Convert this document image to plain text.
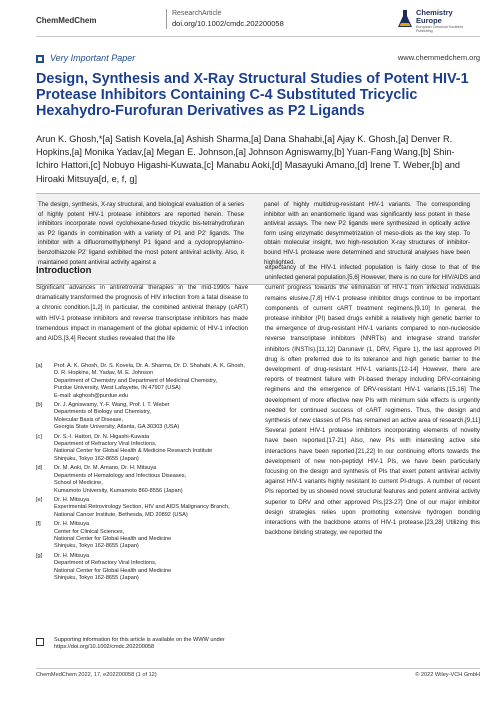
ChemMedChem
ResearchArticle
doi.org/10.1002/cmdc.202200058
Chemistry
Europe
European Chemical Societies Publishing
Very Important Paper	www.chemmedchem.org
Design, Synthesis and X-Ray Structural Studies of Potent HIV-1 Protease Inhibitors Containing C-4 Substituted Tricyclic Hexahydro-Furofuran Derivatives as P2 Ligands
Arun K. Ghosh,*[a] Satish Kovela,[a] Ashish Sharma,[a] Dana Shahabi,[a] Ajay K. Ghosh,[a] Denver R. Hopkins,[a] Monika Yadav,[a] Megan E. Johnson,[a] Johnson Agniswamy,[b] Yuan-Fang Wang,[b] Shin-Ichiro Hattori,[c] Nobuyo Higashi-Kuwata,[c] Manabu Aoki,[d] Masayuki Amano,[d] Irene T. Weber,[b] and Hiroaki Mitsuya[d, e, f, g]
The design, synthesis, X-ray structural, and biological evaluation of a series of highly potent HIV-1 protease inhibitors are reported herein. These inhibitors incorporate novel cyclohexane-fused tricyclic bis-tetrahydrofuran as P2 ligands in combination with a variety of P1 and P2' ligands. The inhibitor with a difluoromethylphenyl P1 ligand and a cyclopropylamino-benzothiazole P2' ligand exhibited the most potent antiviral activity. Also, it maintained potent antiviral activity against a
panel of highly multidrug-resistant HIV-1 variants. The corresponding inhibitor with an enantiomeric ligand was significantly less potent in these antiviral assays. The new P2 ligands were synthesized in optically active form using enzymatic desymmetrization of meso-diols as the key step. To obtain molecular insight, two high-resolution X-ray structures of inhibitor-bound HIV-1 protease were determined and structural analyses have been highlighted.
Introduction
Significant advances in antiretroviral therapies in the mid-1990s have dramatically transformed the prognosis of HIV infection from a fatal disease to a chronic condition.[1,2] In particular, the combined antiviral therapy (cART) with HIV-1 protease inhibitors and reverse transcriptase inhibitors has made tremendous impact in management of the global epidemic of HIV-1 infection and AIDS.[3,4] Recent studies revealed that the life
expectancy of the HIV-1 infected population is fairly close to that of the uninfected general population.[5,6] However, there is no cure for HIV/AIDS and current progress towards the elimination of HIV-1 from infected individuals remains elusive.[7,8] HIV-1 protease inhibitor drugs continue to be important components of current cART treatment regimens.[9,10] In general, the protease inhibitor (PI) based drugs exhibit a relatively high genetic barrier to the emergence of drug-resistant HIV-1 variants compared to non-nucleoside reverse transcriptase inhibitors (NNRTIs) and integrase strand transfer inhibitors (INSTIs).[11,12] Darunavir (1, DRV, Figure 1), the last approved PI drug is often preferred due to its tolerance and high genetic barrier to the development of drug-resistant HIV-1 variants.[12-14] However, there are reports of treatment failure with PI-based therapy including DRV-containing regimens and the emergence of DRV-resistant HIV-1 variants.[15,16] The development of more effective new PIs with minimum side effects is urgently needed for continued success of cART regimens. Thus, the design and synthesis of new classes of PIs has remained an active area of research.[9,11] Several potent HIV-1 protease inhibitors incorporating elements of novelty have been reported.[17-21] Also, new PIs with interesting active site interactions have been reported.[21,22] In our continuing efforts towards the development of new non-peptidyl HIV-1 PIs, we have been particularly focusing on the design and synthesis of PIs that exert potent antiviral activity against HIV-1 variants highly resistant to current PI-drugs. A number of recent PIs reported by us showed novel structural features and potent antiviral activity superior to DRV and other approved PIs.[23-27] One of our major inhibitor design strategies relies upon promoting extensive hydrogen bonding interactions with the backbone atoms of HIV-1 protease.[23,28] Utilizing this backbone binding strategy, we reported the
[a] Prof. A. K. Ghosh, Dr. S. Kovela, Dr. A. Sharma, Dr. D. Shahabi, A. K. Ghosh, D. R. Hopkins, M. Yadav, M. E. Johnson
Department of Chemistry and Department of Medicinal Chemistry,
Purdue University, West Lafayette, IN 47907 (USA)
E-mail: akghosh@purdue.edu
[b] Dr. J. Agniswamy, Y.-F. Wang, Prof. I. T. Weber
Departments of Biology and Chemistry,
Molecular Basis of Disease,
Georgia State University, Atlanta, GA 30303 (USA)
[c] Dr. S.-I. Hattori, Dr. N. Higashi-Kuwata
Department of Refractory Viral Infections,
National Center for Global Health & Medicine Research Institute
Shinjuku, Tokyo 162-8655 (Japan)
[d] Dr. M. Aoki, Dr. M. Amano, Dr. H. Mitsuya
Departments of Hematology and Infectious Diseases,
School of Medicine,
Kumamoto University, Kumamoto 860-8556 (Japan)
[e] Dr. H. Mitsuya
Experimental Retrovirology Section, HIV and AIDS Malignancy Branch,
National Cancer Institute, Bethesda, MD 20892 (USA)
[f] Dr. H. Mitsuya
Center for Clinical Sciences,
National Center for Global Health and Medicine
Shinjuku, Tokyo 162-8655 (Japan)
[g] Dr. H. Mitsuya
Department of Refractory Viral Infections,
National Center for Global Health and Medicine
Shinjuku, Tokyo 162-8655 (Japan)
Supporting information for this article is available on the WWW under https://doi.org/10.1002/cmdc.202200058
ChemMedChem 2022, 17, e202200058 (1 of 12)	© 2022 Wiley-VCH GmbH
